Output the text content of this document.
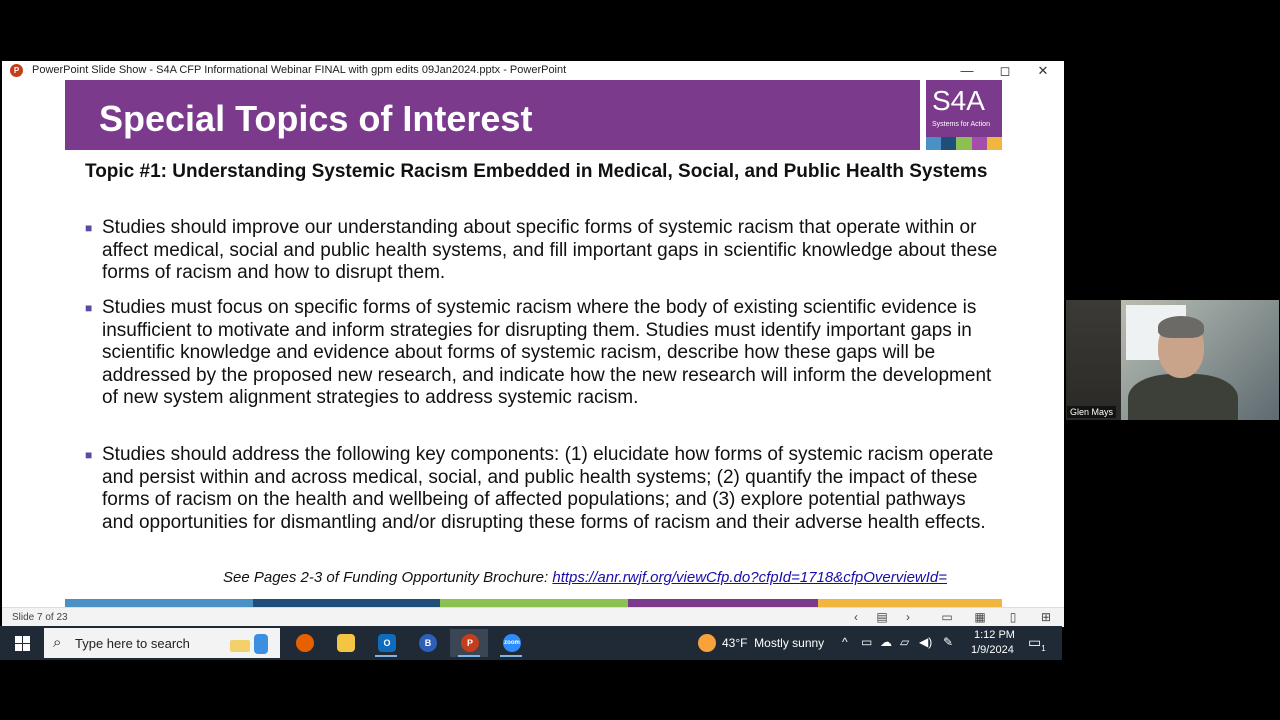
P	PowerPoint Slide Show - S4A CFP Informational Webinar FINAL with gpm edits 09Jan2024.pptx - PowerPoint	—	◻	✕
Special Topics of Interest	S4A
Systems for Action
Topic #1: Understanding Systemic Racism Embedded in Medical, Social, and Public Health Systems
■ Studies should improve our understanding about specific forms of systemic racism that operate within or affect medical, social and public health systems, and fill important gaps in scientific knowledge about these forms of racism and how to disrupt them.
■ Studies must focus on specific forms of systemic racism where the body of existing scientific evidence is insufficient to motivate and inform strategies for disrupting them. Studies must identify important gaps in scientific knowledge and evidence about forms of systemic racism, describe how these gaps will be addressed by the proposed new research, and indicate how the new research will inform the development of new system alignment strategies to address systemic racism.
■ Studies should address the following key components: (1) elucidate how forms of systemic racism operate and persist within and across medical, social, and public health systems; (2) quantify the impact of these forms of racism on the health and wellbeing of affected populations; and (3) explore potential pathways and opportunities for dismantling and/or disrupting these forms of racism and their adverse health effects.
See Pages 2-3 of Funding Opportunity Brochure: https://anr.rwjf.org/viewCfp.do?cfpId=1718&cfpOverviewId=
Slide 7 of 23	‹	▤	›	▭ ▦	▯	⊞
Glen Mays
⌕ Type here to search	O	B	P	zoom	43°F Mostly sunny ^ ▭ ☁ ▱ ◀) ✎ 1:12 PM
1/9/2024 $▭_1$
